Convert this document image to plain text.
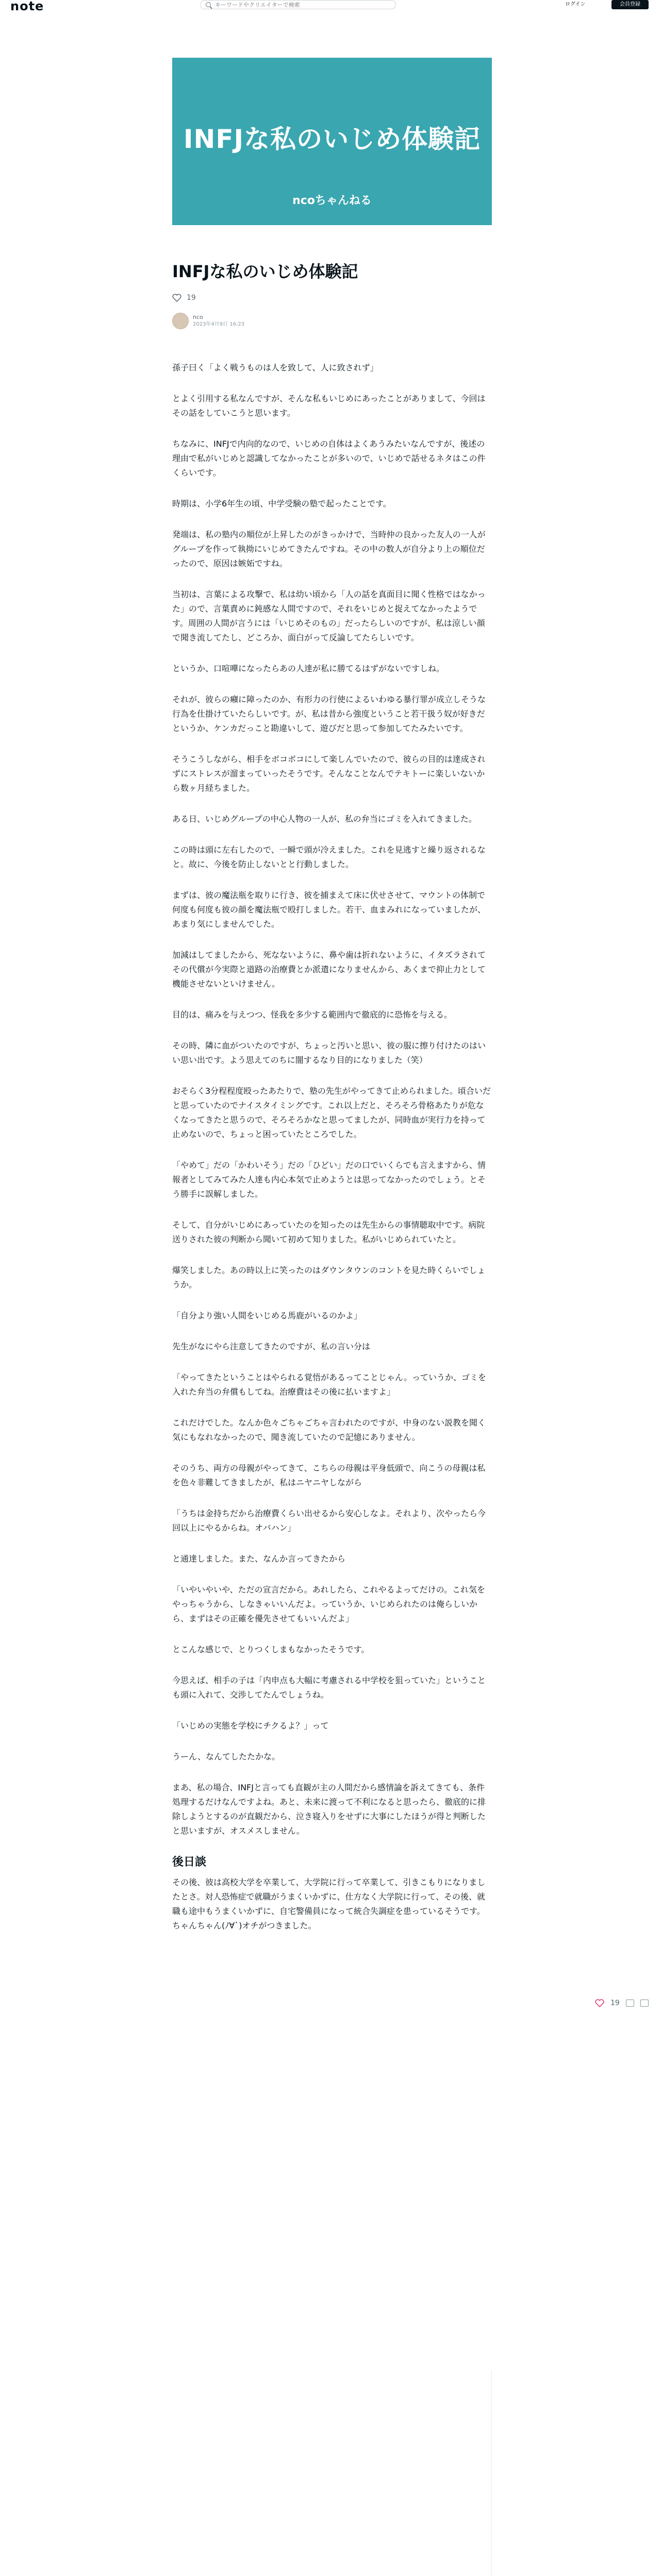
note
キーワードやクリエイターで検索	ログイン	会員登録
INFJな私のいじめ体験記
ncoちゃんねる
INFJな私のいじめ体験記
19
nco
2023年4月9日 16:23

孫子曰く「よく戦うものは人を致して、人に致されず」

とよく引用する私なんですが、そんな私もいじめにあったことがありまして、今回はその話をしていこうと思います。

ちなみに、INFJで内向的なので、いじめの自体はよくあうみたいなんですが、後述の理由で私がいじめと認識してなかったことが多いので、いじめで話せるネタはこの件くらいです。

時期は、小学6年生の頃、中学受験の塾で起ったことです。

発端は、私の塾内の順位が上昇したのがきっかけで、当時仲の良かった友人の一人がグループを作って執拗にいじめてきたんですね。その中の数人が自分より上の順位だったので、原因は嫉妬ですね。

当初は、言葉による攻撃で、私は幼い頃から「人の話を真面目に聞く性格ではなかった」ので、言葉責めに鈍感な人間ですので、それをいじめと捉えてなかったようです。周囲の人間が言うには「いじめそのもの」だったらしいのですが、私は涼しい顔で聞き流してたし、どころか、面白がって反論してたらしいです。

というか、口喧嘩になったらあの人達が私に勝てるはずがないですしね。

それが、彼らの癪に障ったのか、有形力の行使によるいわゆる暴行罪が成立しそうな行為を仕掛けていたらしいです。が、私は昔から強度ということ若干扱う奴が好きだというか、ケンカだっこと勘違いして、遊びだと思って参加してたみたいです。

そうこうしながら、相手をボコボコにして楽しんでいたので、彼らの目的は達成されずにストレスが溜まっていったそうです。そんなことなんでテキトーに楽しいないから数ヶ月経ちました。

ある日、いじめグループの中心人物の一人が、私の弁当にゴミを入れてきました。

この時は頭に左右したので、一瞬で頭が冷えました。これを見逃すと繰り返されるなと。故に、今後を防止しないとと行動しました。

まずは、彼の魔法瓶を取りに行き、彼を捕まえて床に伏せさせて、マウントの体制で何度も何度も彼の顔を魔法瓶で殴打しました。若干、血まみれになっていましたが、あまり気にしませんでした。

加減はしてましたから、死なないように、鼻や歯は折れないように、イタズラされてその代償が今実際と道路の治療費とか派遣になりませんから、あくまで抑止力として機能させないといけません。

目的は、痛みを与えつつ、怪我を多少する範囲内で徹底的に恐怖を与える。

その時、隣に血がついたのですが、ちょっと汚いと思い、彼の服に擦り付けたのはいい思い出です。よう思えてのちに闇するなり目的になりました（笑）

おそらく3分程程度殴ったあたりで、塾の先生がやってきて止められました。頃合いだと思っていたのでナイスタイミングです。これ以上だと、そろそろ骨格あたりが危なくなってきたと思うので、そろそろかなと思ってましたが、同時血が実行力を持って止めないので、ちょっと困っていたところでした。

「やめて」だの「かわいそう」だの「ひどい」だの口でいくらでも言えますから、情報者としてみてみた人達も内心本気で止めようとは思ってなかったのでしょう。とそう勝手に誤解しました。

そして、自分がいじめにあっていたのを知ったのは先生からの事情聴取中です。病院送りされた彼の判断から聞いて初めて知りました。私がいじめられていたと。

爆笑しました。あの時以上に笑ったのはダウンタウンのコントを見た時くらいでしょうか。

「自分より強い人間をいじめる馬鹿がいるのかよ」

先生がなにやら注意してきたのですが、私の言い分は

「やってきたということはやられる覚悟があるってことじゃん。っていうか、ゴミを入れた弁当の弁償もしてね。治療費はその後に払いますよ」

これだけでした。なんか色々ごちゃごちゃ言われたのですが、中身のない説教を聞く気にもなれなかったので、聞き流していたので記憶にありません。

そのうち、両方の母親がやってきて、こちらの母親は平身低頭で、向こうの母親は私を色々非難してきましたが、私はニヤニヤしながら

「うちは金持ちだから治療費くらい出せるから安心しなよ。それより、次やったら今回以上にやるからね。オバハン」

と通達しました。また、なんか言ってきたから

「いやいやいや、ただの宣言だから。あれしたら、これやるよってだけの。これ気をやっちゃうから、しなきゃいいんだよ。っていうか、いじめられたのは俺らしいから、まずはその正確を優先させてもいいんだよ」

とこんな感じで、とりつくしまもなかったそうです。

今思えば、相手の子は「内申点も大幅に考慮される中学校を狙っていた」ということも頭に入れて、交渉してたんでしょうね。

「いじめの実態を学校にチクるよ？」って

うーん、なんてしたたかな。

まあ、私の場合、INFJと言っても直観が主の人間だから感情論を訴えてきても、条件処理するだけなんですよね。あと、未来に渡って不利になると思ったら、徹底的に排除しようとするのが直観だから、泣き寝入りをせずに大事にしたほうが得と判断したと思いますが、オスメスしません。

後日談

その後、彼は高校大学を卒業して、大学院に行って卒業して、引きこもりになりましたとさ。対人恐怖症で就職がうまくいかずに、仕方なく大学院に行って、その後、就職も途中もうまくいかずに、自宅警備員になって統合失調症を患っているそうです。ちゃんちゃん(ﾉ∀`)オチがつきました。

19
